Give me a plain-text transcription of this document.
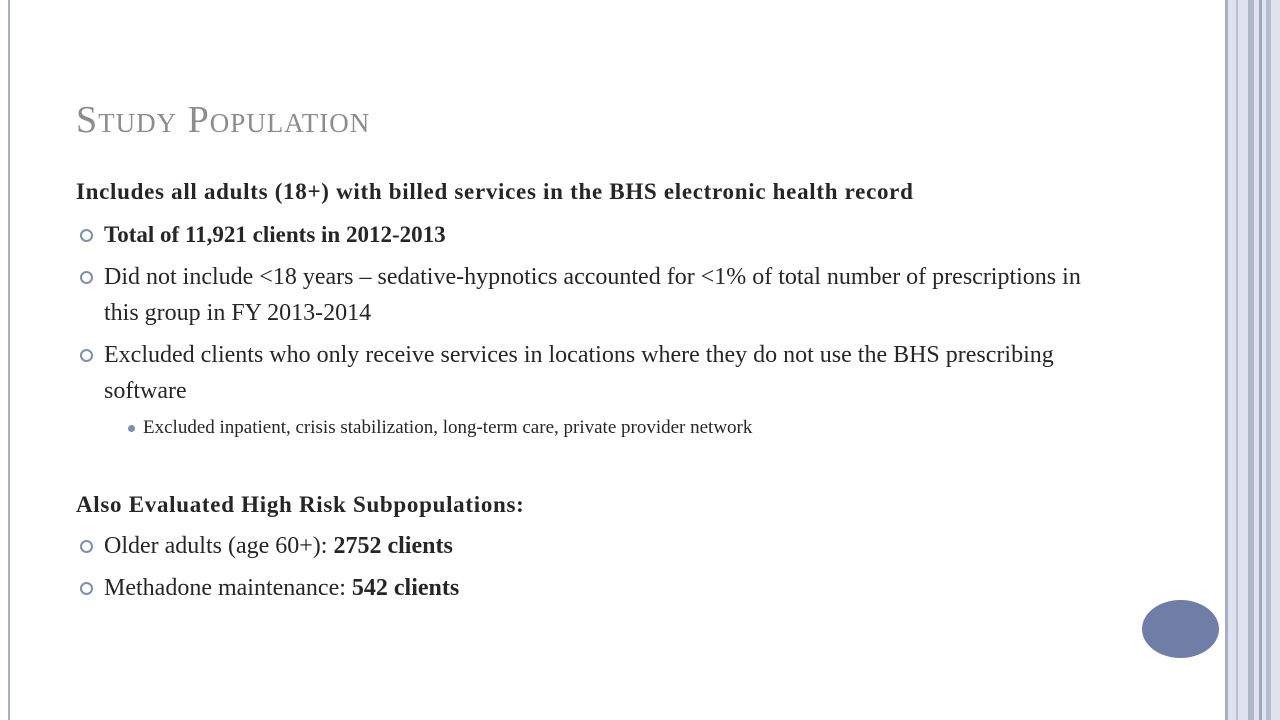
Study Population
Includes all adults (18+) with billed services in the BHS electronic health record
Total of 11,921 clients in 2012-2013
Did not include <18 years – sedative-hypnotics accounted for <1% of total number of prescriptions in this group in FY 2013-2014
Excluded clients who only receive services in locations where they do not use the BHS prescribing software
Excluded inpatient, crisis stabilization, long-term care, private provider network
Also Evaluated High Risk Subpopulations:
Older adults (age 60+): 2752 clients
Methadone maintenance: 542 clients
